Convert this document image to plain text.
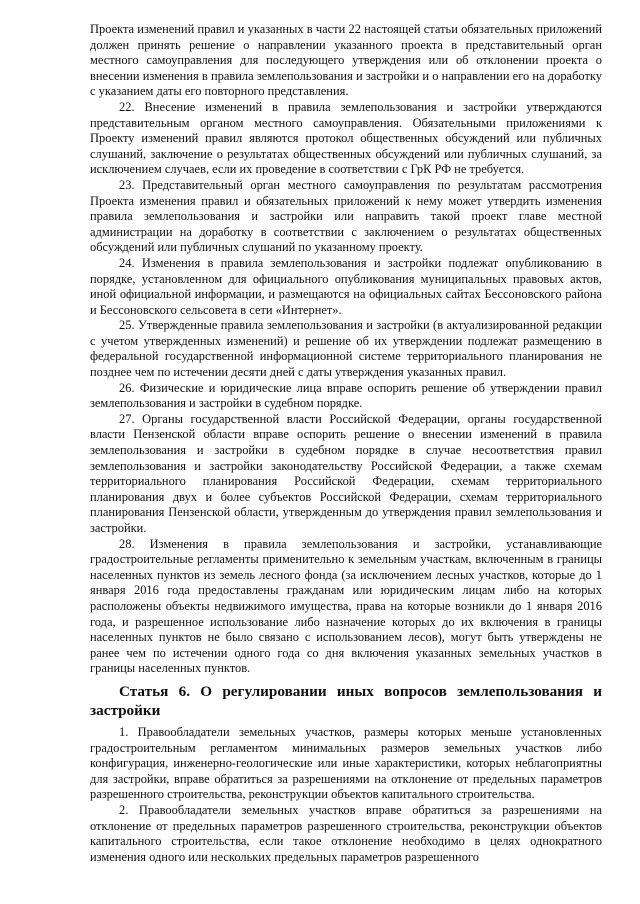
Проекта изменений правил и указанных в части 22 настоящей статьи обязательных приложений должен принять решение о направлении указанного проекта в представительный орган местного самоуправления для последующего утверждения или об отклонении проекта о внесении изменения в правила землепользования и застройки и о направлении его на доработку с указанием даты его повторного представления.

22. Внесение изменений в правила землепользования и застройки утверждаются представительным органом местного самоуправления. Обязательными приложениями к Проекту изменений правил являются протокол общественных обсуждений или публичных слушаний, заключение о результатах общественных обсуждений или публичных слушаний, за исключением случаев, если их проведение в соответствии с ГрК РФ не требуется.

23. Представительный орган местного самоуправления по результатам рассмотрения Проекта изменения правил и обязательных приложений к нему может утвердить изменения правила землепользования и застройки или направить такой проект главе местной администрации на доработку в соответствии с заключением о результатах общественных обсуждений или публичных слушаний по указанному проекту.

24. Изменения в правила землепользования и застройки подлежат опубликованию в порядке, установленном для официального опубликования муниципальных правовых актов, иной официальной информации, и размещаются на официальных сайтах Бессоновского района и Бессоновского сельсовета в сети «Интернет».

25. Утвержденные правила землепользования и застройки (в актуализированной редакции с учетом утвержденных изменений) и решение об их утверждении подлежат размещению в федеральной государственной информационной системе территориального планирования не позднее чем по истечении десяти дней с даты утверждения указанных правил.

26. Физические и юридические лица вправе оспорить решение об утверждении правил землепользования и застройки в судебном порядке.

27. Органы государственной власти Российской Федерации, органы государственной власти Пензенской области вправе оспорить решение о внесении изменений в правила землепользования и застройки в судебном порядке в случае несоответствия правил землепользования и застройки законодательству Российской Федерации, а также схемам территориального планирования Российской Федерации, схемам территориального планирования двух и более субъектов Российской Федерации, схемам территориального планирования Пензенской области, утвержденным до утверждения правил землепользования и застройки.

28. Изменения в правила землепользования и застройки, устанавливающие градостроительные регламенты применительно к земельным участкам, включенным в границы населенных пунктов из земель лесного фонда (за исключением лесных участков, которые до 1 января 2016 года предоставлены гражданам или юридическим лицам либо на которых расположены объекты недвижимого имущества, права на которые возникли до 1 января 2016 года, и разрешенное использование либо назначение которых до их включения в границы населенных пунктов не было связано с использованием лесов), могут быть утверждены не ранее чем по истечении одного года со дня включения указанных земельных участков в границы населенных пунктов.

Статья 6. О регулировании иных вопросов землепользования и застройки

1. Правообладатели земельных участков, размеры которых меньше установленных градостроительным регламентом минимальных размеров земельных участков либо конфигурация, инженерно-геологические или иные характеристики, которых неблагоприятны для застройки, вправе обратиться за разрешениями на отклонение от предельных параметров разрешенного строительства, реконструкции объектов капитального строительства.

2. Правообладатели земельных участков вправе обратиться за разрешениями на отклонение от предельных параметров разрешенного строительства, реконструкции объектов капитального строительства, если такое отклонение необходимо в целях однократного изменения одного или нескольких предельных параметров разрешенного
